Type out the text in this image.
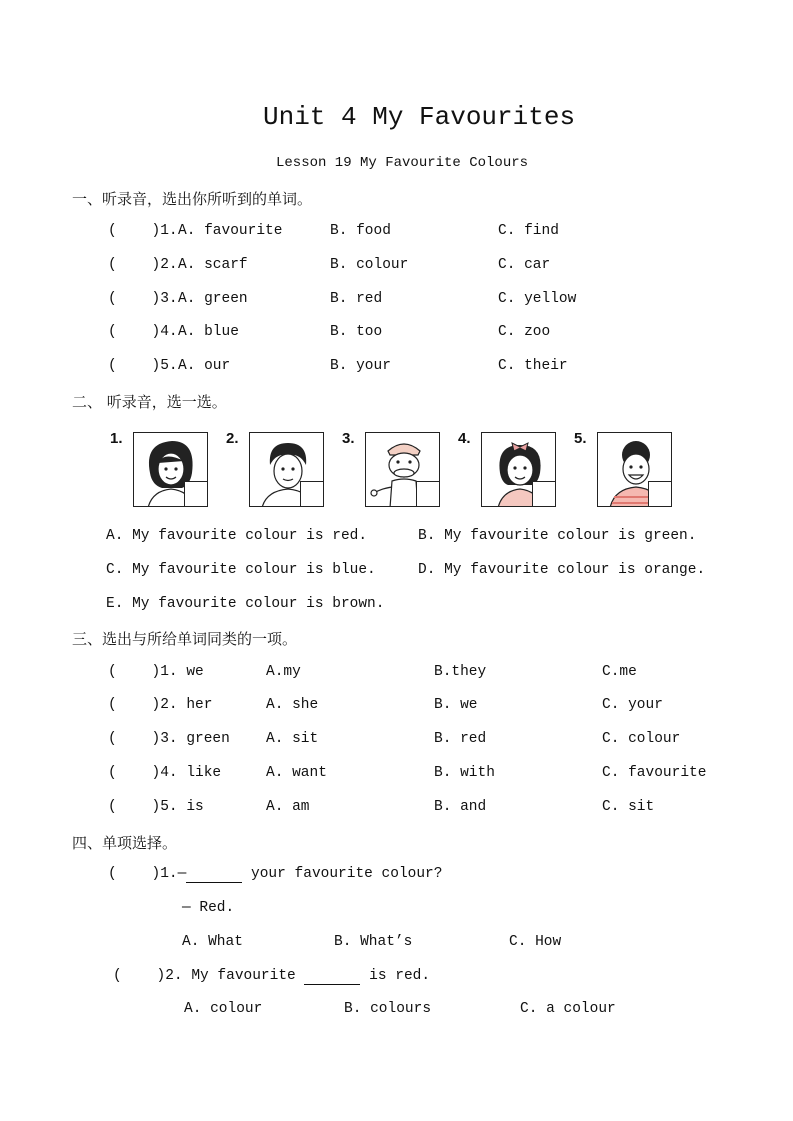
Unit 4 My Favourites
Lesson 19 My Favourite Colours
一、听录音，选出你所听到的单词。
(    )1. A. favourite	B. food	C. find
(    )2. A. scarf	B. colour	C. car
(    )3. A. green	B. red	C. yellow
(    )4. A. blue	B. too	C. zoo
(    )5. A. our	B. your	C. their
二、 听录音，选一选。
1.	2.	3.	4.	5.
A. My favourite colour is red.	B. My favourite colour is green.
C. My favourite colour is blue.	D. My favourite colour is orange.
E. My favourite colour is brown.
三、选出与所给单词同类的一项。
(    )1. we	A.my	B.they	C.me
(    )2. her	A. she	B. we	C. your
(    )3. green A. sit	B. red	C. colour
(    )4. like	A. want	B. with	C. favourite
(    )5. is	A. am	B. and	C. sit
四、单项选择。
(    )1.—	your favourite colour?
— Red.
A. What	B. What’s	C. How
(    )2. My favourite	is red.
A. colour	B. colours	C. a colour
